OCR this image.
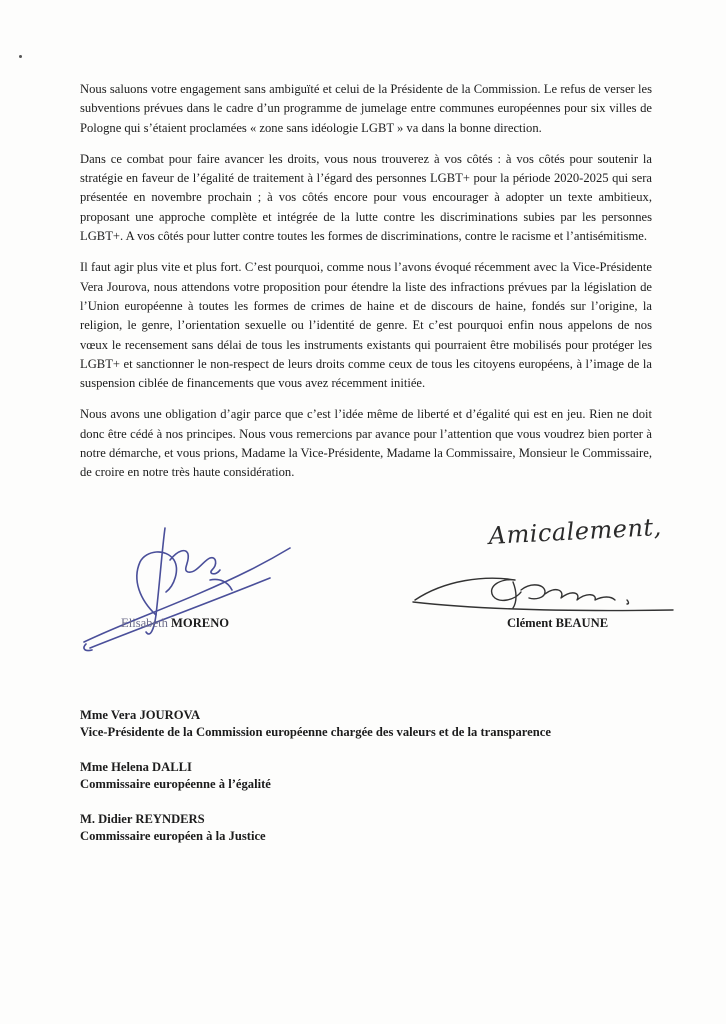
Nous saluons votre engagement sans ambiguïté et celui de la Présidente de la Commission. Le refus de verser les subventions prévues dans le cadre d’un programme de jumelage entre communes européennes pour six villes de Pologne qui s’étaient proclamées « zone sans idéologie LGBT » va dans la bonne direction.

Dans ce combat pour faire avancer les droits, vous nous trouverez à vos côtés : à vos côtés pour soutenir la stratégie en faveur de l’égalité de traitement à l’égard des personnes LGBT+ pour la période 2020-2025 qui sera présentée en novembre prochain ; à vos côtés encore pour vous encourager à adopter un texte ambitieux, proposant une approche complète et intégrée de la lutte contre les discriminations subies par les personnes LGBT+. A vos côtés pour lutter contre toutes les formes de discriminations, contre le racisme et l’antisémitisme.

Il faut agir plus vite et plus fort. C’est pourquoi, comme nous l’avons évoqué récemment avec la Vice-Présidente Vera Jourova, nous attendons votre proposition pour étendre la liste des infractions prévues par la législation de l’Union européenne à toutes les formes de crimes de haine et de discours de haine, fondés sur l’origine, la religion, le genre, l’orientation sexuelle ou l’identité de genre. Et c’est pourquoi enfin nous appelons de nos vœux le recensement sans délai de tous les instruments existants qui pourraient être mobilisés pour protéger les LGBT+ et sanctionner le non-respect de leurs droits comme ceux de tous les citoyens européens, à l’image de la suspension ciblée de financements que vous avez récemment initiée.

Nous avons une obligation d’agir parce que c’est l’idée même de liberté et d’égalité qui est en jeu. Rien ne doit donc être cédé à nos principes. Nous vous remercions par avance pour l’attention que vous voudrez bien porter à notre démarche, et vous prions, Madame la Vice-Présidente, Madame la Commissaire, Monsieur le Commissaire, de croire en notre très haute considération.

Amicalement,
Elisabeth MORENO	Clément BEAUNE
Mme Vera JOUROVA
Vice-Présidente de la Commission européenne chargée des valeurs et de la transparence
Mme Helena DALLI
Commissaire européenne à l’égalité
M. Didier REYNDERS
Commissaire européen à la Justice
